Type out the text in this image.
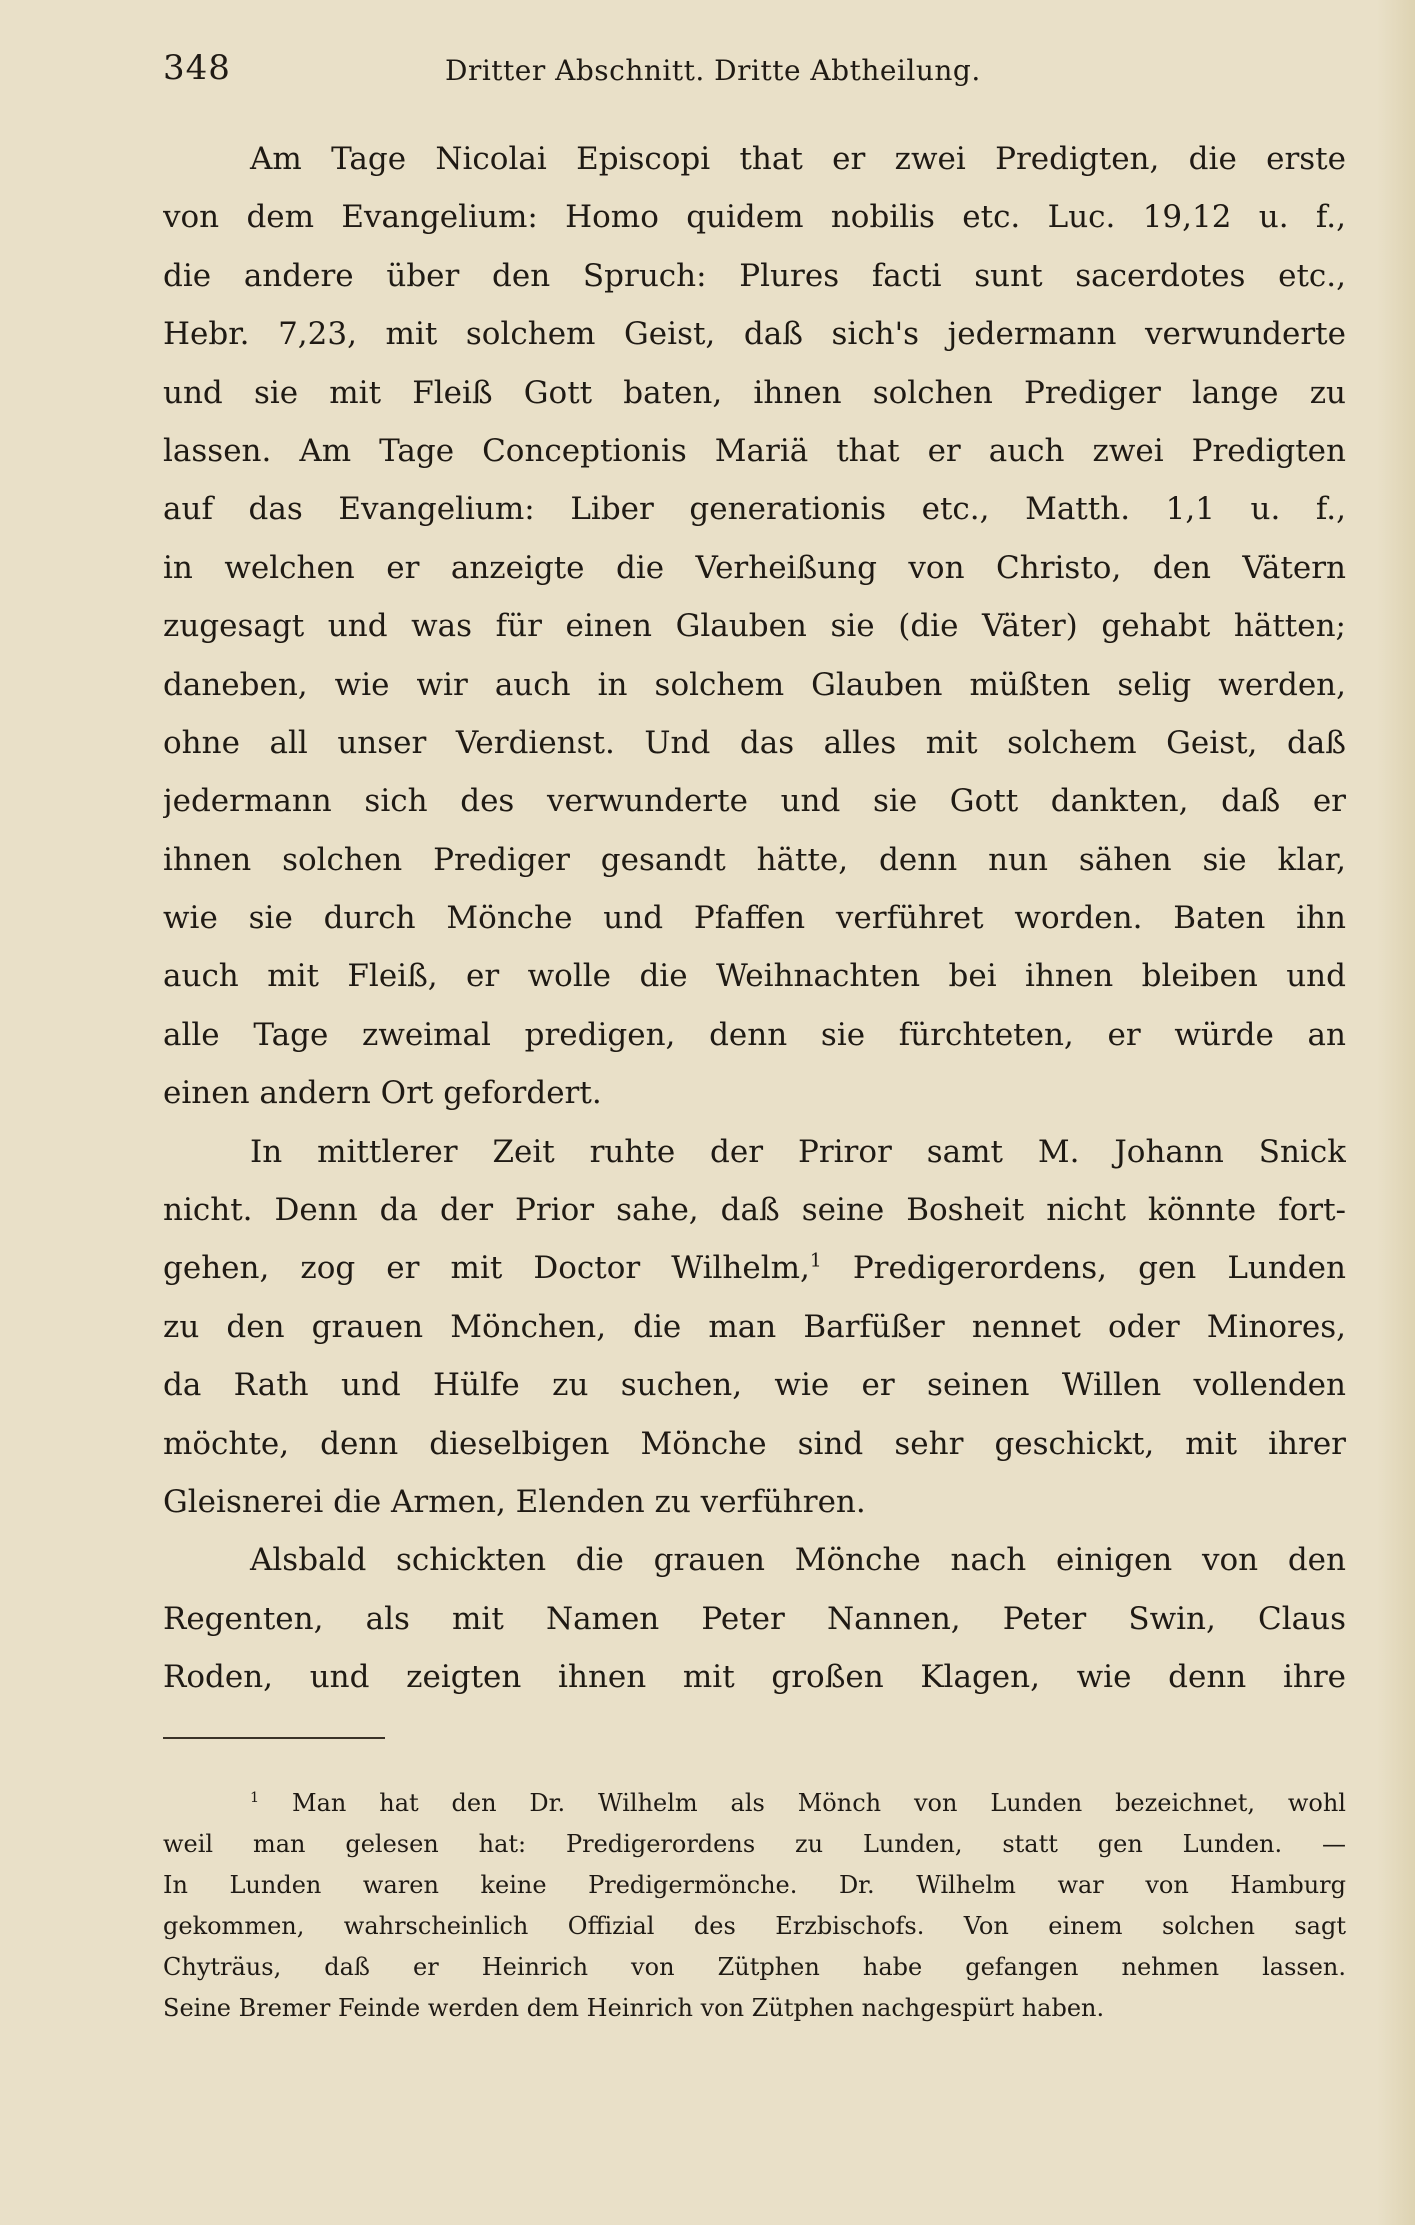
348	Dritter Abschnitt. Dritte Abtheilung.
Am Tage Nicolai Episcopi that er zwei Predigten, die erste
von dem Evangelium: Homo quidem nobilis etc. Luc. 19,12 u. f.,
die andere über den Spruch: Plures facti sunt sacerdotes etc.,
Hebr. 7,23, mit solchem Geist, daß sich's jedermann verwunderte
und sie mit Fleiß Gott baten, ihnen solchen Prediger lange zu
lassen. Am Tage Conceptionis Mariä that er auch zwei Predigten
auf das Evangelium: Liber generationis etc., Matth. 1,1 u. f.,
in welchen er anzeigte die Verheißung von Christo, den Vätern
zugesagt und was für einen Glauben sie (die Väter) gehabt hätten;
daneben, wie wir auch in solchem Glauben müßten selig werden,
ohne all unser Verdienst. Und das alles mit solchem Geist, daß
jedermann sich des verwunderte und sie Gott dankten, daß er
ihnen solchen Prediger gesandt hätte, denn nun sähen sie klar,
wie sie durch Mönche und Pfaffen verführet worden. Baten ihn
auch mit Fleiß, er wolle die Weihnachten bei ihnen bleiben und
alle Tage zweimal predigen, denn sie fürchteten, er würde an
einen andern Ort gefordert.
In mittlerer Zeit ruhte der Priror samt M. Johann Snick
nicht. Denn da der Prior sahe, daß seine Bosheit nicht könnte fort-
gehen, zog er mit Doctor Wilhelm,$^1$ Predigerordens, gen Lunden
zu den grauen Mönchen, die man Barfüßer nennet oder Minores,
da Rath und Hülfe zu suchen, wie er seinen Willen vollenden
möchte, denn dieselbigen Mönche sind sehr geschickt, mit ihrer
Gleisnerei die Armen, Elenden zu verführen.
Alsbald schickten die grauen Mönche nach einigen von den
Regenten, als mit Namen Peter Nannen, Peter Swin, Claus
Roden, und zeigten ihnen mit großen Klagen, wie denn ihre
$^1$ Man hat den Dr. Wilhelm als Mönch von Lunden bezeichnet, wohl
weil man gelesen hat: Predigerordens zu Lunden, statt gen Lunden. —
In Lunden waren keine Predigermönche. Dr. Wilhelm war von Hamburg
gekommen, wahrscheinlich Offizial des Erzbischofs. Von einem solchen sagt
Chyträus, daß er Heinrich von Zütphen habe gefangen nehmen lassen.
Seine Bremer Feinde werden dem Heinrich von Zütphen nachgespürt haben.
